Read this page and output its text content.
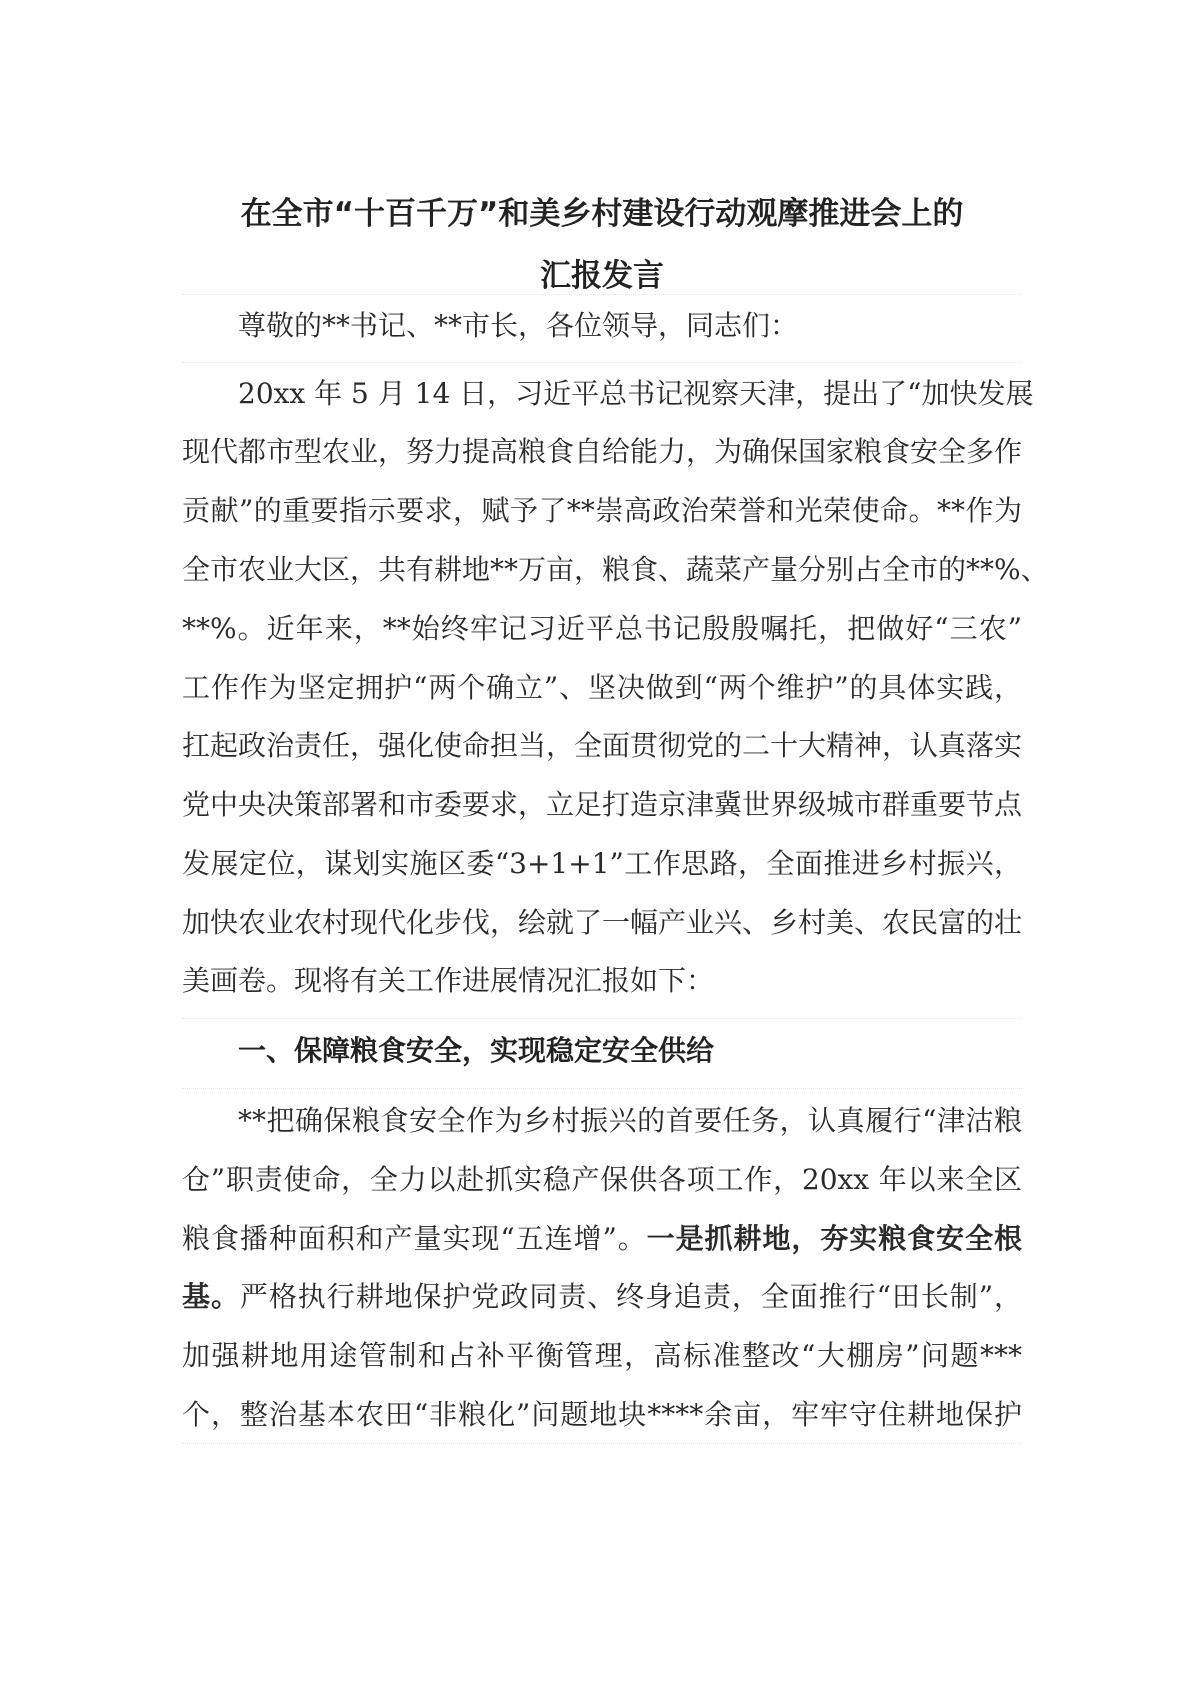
在全市“十百千万”和美乡村建设行动观摩推进会上的
汇报发言
尊敬的**书记、**市长，各位领导，同志们：
20xx 年 5 月 14 日，习近平总书记视察天津，提出了“加快发展
现代都市型农业，努力提高粮食自给能力，为确保国家粮食安全多作
贡献”的重要指示要求，赋予了**崇高政治荣誉和光荣使命。**作为
全市农业大区，共有耕地**万亩，粮食、蔬菜产量分别占全市的**%、
**%。近年来，**始终牢记习近平总书记殷殷嘱托，把做好“三农”
工作作为坚定拥护“两个确立”、坚决做到“两个维护”的具体实践，
扛起政治责任，强化使命担当，全面贯彻党的二十大精神，认真落实
党中央决策部署和市委要求，立足打造京津冀世界级城市群重要节点
发展定位，谋划实施区委“3+1+1”工作思路，全面推进乡村振兴，
加快农业农村现代化步伐，绘就了一幅产业兴、乡村美、农民富的壮
美画卷。现将有关工作进展情况汇报如下：
一、保障粮食安全，实现稳定安全供给
**把确保粮食安全作为乡村振兴的首要任务，认真履行“津沽粮
仓”职责使命，全力以赴抓实稳产保供各项工作，20xx 年以来全区
粮食播种面积和产量实现“五连增”。一是抓耕地，夯实粮食安全根
基。严格执行耕地保护党政同责、终身追责，全面推行“田长制”，
加强耕地用途管制和占补平衡管理，高标准整改“大棚房”问题***
个，整治基本农田“非粮化”问题地块****余亩，牢牢守住耕地保护
